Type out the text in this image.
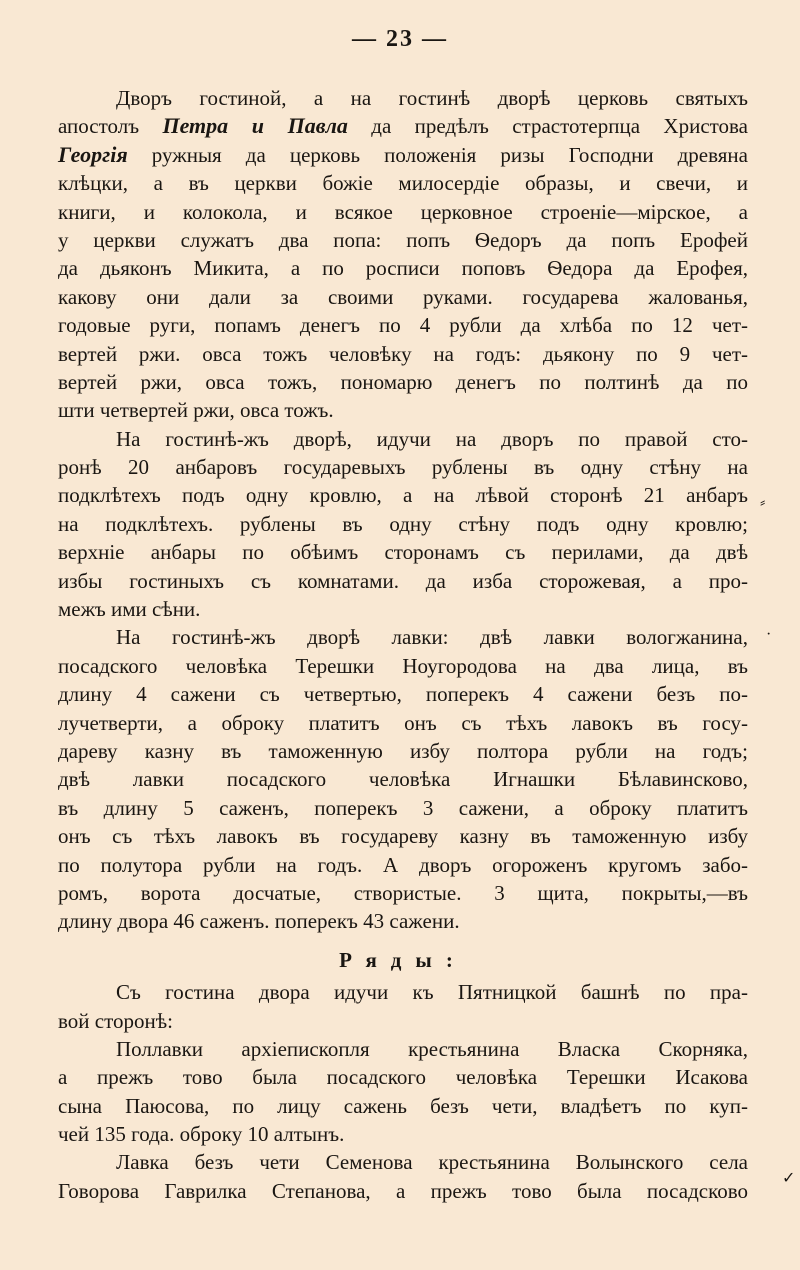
— 23 —
Дворъ гостиной, а на гостинѣ дворѣ церковь святыхъ
апостолъ Петра и Павла да предѣлъ страстотерпца Христова
Георгія ружныя да церковь положенія ризы Господни древяна
клѣцки, а въ церкви божіе милосердіе образы, и свечи, и
книги, и колокола, и всякое церковное строеніе—мірское, а
у церкви служатъ два попа: попъ Ѳедоръ да попъ Ерофей
да дьяконъ Микита, а по росписи поповъ Ѳедора да Ерофея,
какову они дали за своими руками. государева жалованья,
годовые руги, попамъ денегъ по 4 рубли да хлѣба по 12 чет-
вертей ржи. овса тожъ человѣку на годъ: дьякону по 9 чет-
вертей ржи, овса тожъ, пономарю денегъ по полтинѣ да по
шти четвертей ржи, овса тожъ.
На гостинѣ-жъ дворѣ, идучи на дворъ по правой сто-
ронѣ 20 анбаровъ государевыхъ рублены въ одну стѣну на
подклѣтехъ подъ одну кровлю, а на лѣвой сторонѣ 21 анбаръ
на подклѣтехъ. рублены въ одну стѣну подъ одну кровлю;
верхніе анбары по обѣимъ сторонамъ съ перилами, да двѣ
избы гостиныхъ съ комнатами. да изба сторожевая, а про-
межъ ими сѣни.
На гостинѣ-жъ дворѣ лавки: двѣ лавки вологжанина,
посадского человѣка Терешки Ноугородова на два лица, въ
длину 4 сажени съ четвертью, поперекъ 4 сажени безъ по-
лучетверти, а оброку платитъ онъ съ тѣхъ лавокъ въ госу-
дареву казну въ таможенную избу полтора рубли на годъ;
двѣ лавки посадского человѣка Игнашки Бѣлавинсково,
въ длину 5 саженъ, поперекъ 3 сажени, а оброку платитъ
онъ съ тѣхъ лавокъ въ государеву казну въ таможенную избу
по полутора рубли на годъ. А дворъ огороженъ кругомъ забо-
ромъ, ворота досчатые, створистые. 3 щита, покрыты,—въ
длину двора 46 саженъ. поперекъ 43 сажени.
Ряды:
Съ гостина двора идучи къ Пятницкой башнѣ по пра-
вой сторонѣ:
Поллавки архіепископля крестьянина Власка Скорняка,
а прежъ тово была посадского человѣка Терешки Исакова
сына Паюсова, по лицу сажень безъ чети, владѣетъ по куп-
чей 135 года. оброку 10 алтынъ.
Лавка безъ чети Семенова крестьянина Волынского села
Говорова Гаврилка Степанова, а прежъ тово была посадсково
⸗
·
✓
